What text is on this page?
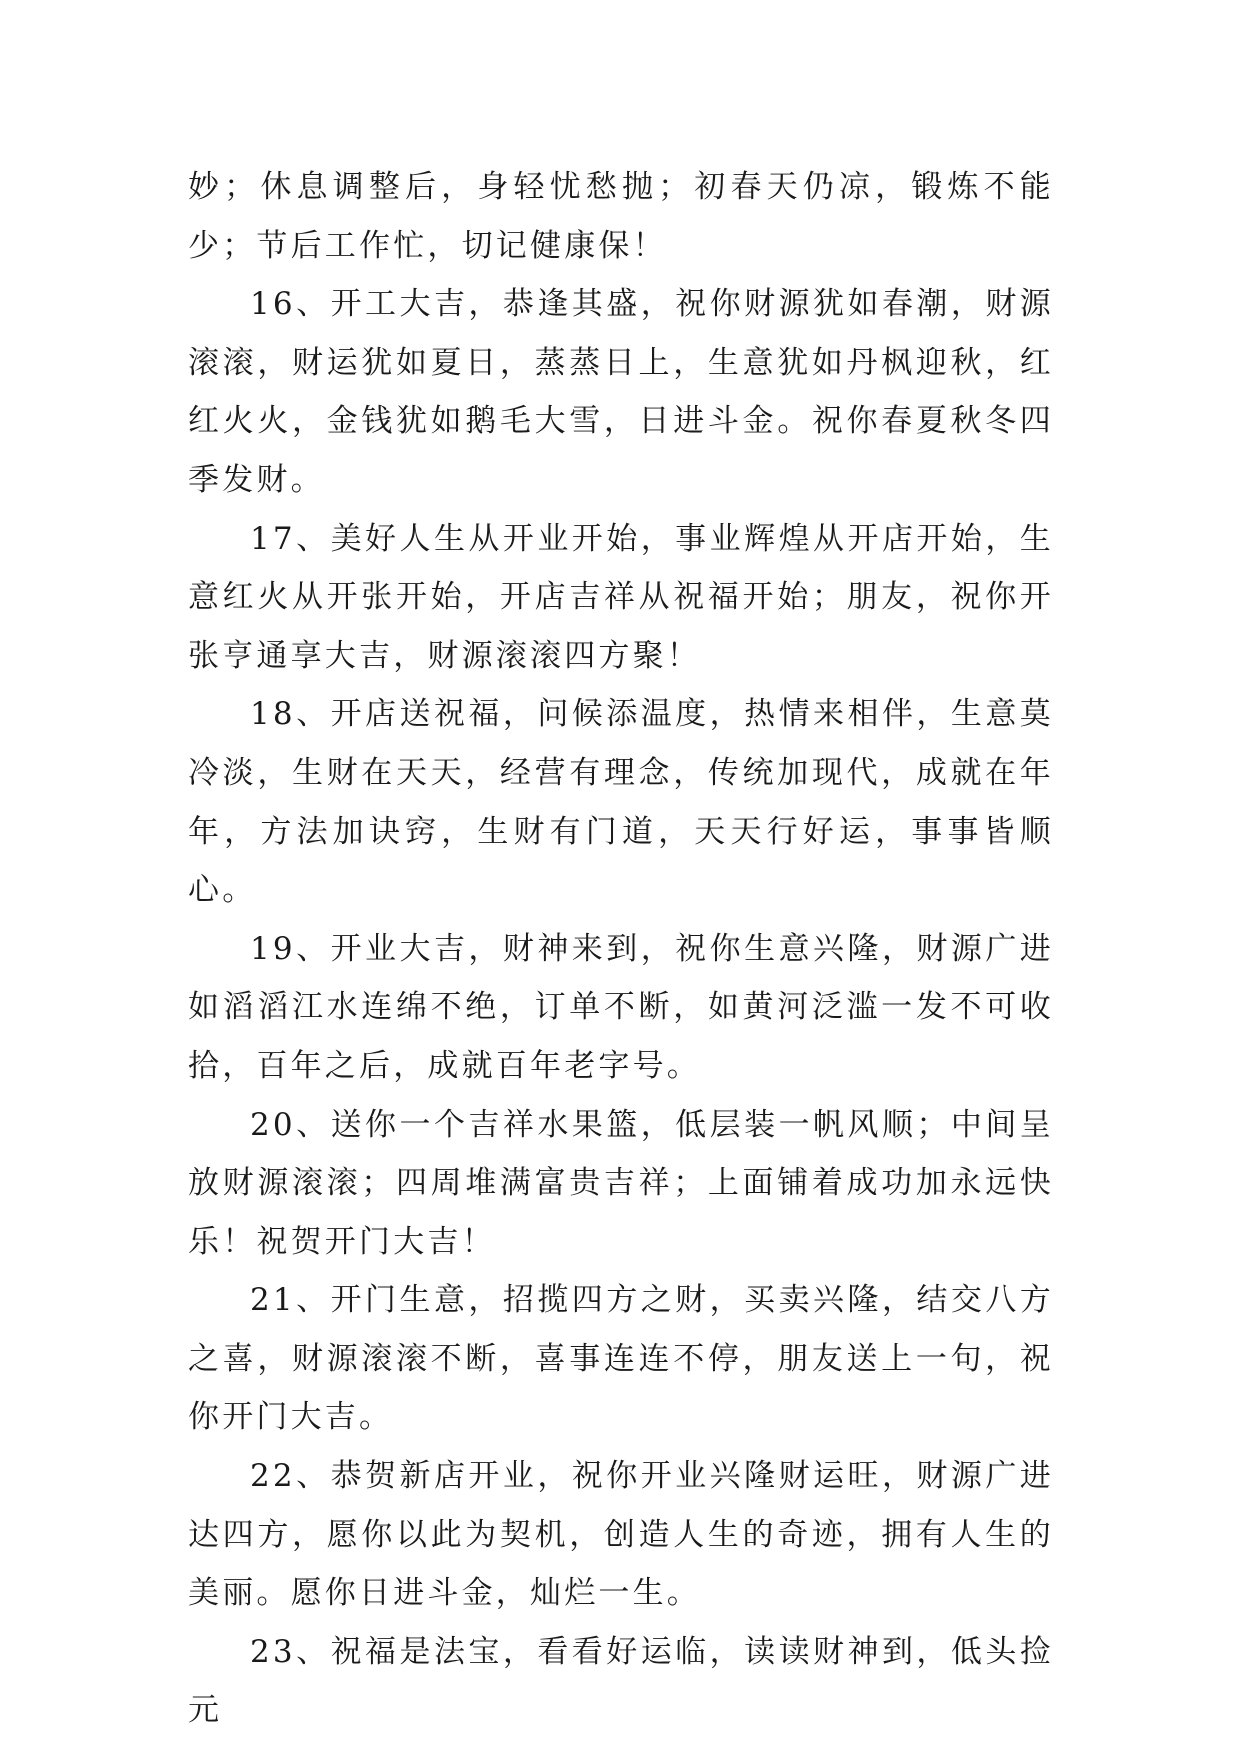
妙；休息调整后，身轻忧愁抛；初春天仍凉，锻炼不能少；节后工作忙，切记健康保！

16、开工大吉，恭逢其盛，祝你财源犹如春潮，财源滚滚，财运犹如夏日，蒸蒸日上，生意犹如丹枫迎秋，红红火火，金钱犹如鹅毛大雪，日进斗金。祝你春夏秋冬四季发财。

17、美好人生从开业开始，事业辉煌从开店开始，生意红火从开张开始，开店吉祥从祝福开始；朋友，祝你开张亨通享大吉，财源滚滚四方聚！

18、开店送祝福，问候添温度，热情来相伴，生意莫冷淡，生财在天天，经营有理念，传统加现代，成就在年年，方法加诀窍，生财有门道，天天行好运，事事皆顺心。

19、开业大吉，财神来到，祝你生意兴隆，财源广进如滔滔江水连绵不绝，订单不断，如黄河泛滥一发不可收拾，百年之后，成就百年老字号。

20、送你一个吉祥水果篮，低层装一帆风顺；中间呈放财源滚滚；四周堆满富贵吉祥；上面铺着成功加永远快乐！祝贺开门大吉！

21、开门生意，招揽四方之财，买卖兴隆，结交八方之喜，财源滚滚不断，喜事连连不停，朋友送上一句，祝你开门大吉。

22、恭贺新店开业，祝你开业兴隆财运旺，财源广进达四方，愿你以此为契机，创造人生的奇迹，拥有人生的美丽。愿你日进斗金，灿烂一生。

23、祝福是法宝，看看好运临，读读财神到，低头捡元
